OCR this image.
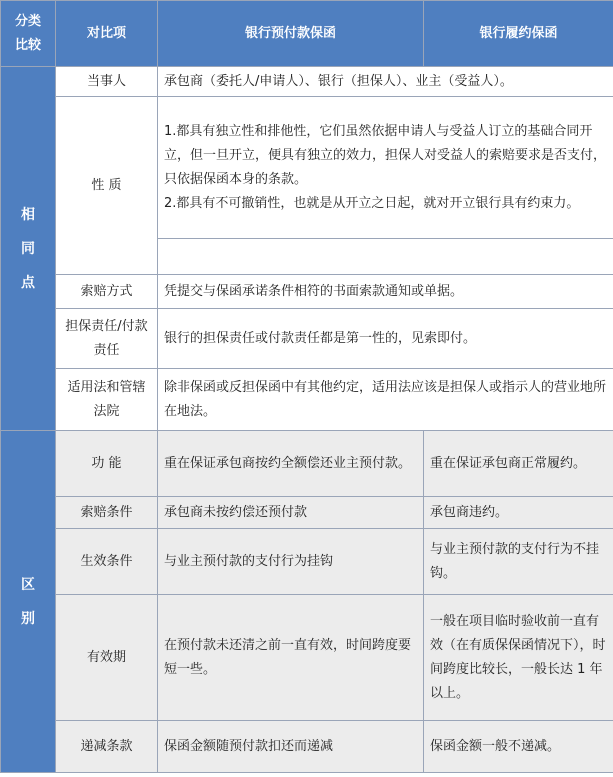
分类
比较	对比项	银行预付款保函	银行履约保函

相
同
点	当事人	承包商（委托人/申请人）、银行（担保人）、业主（受益人）。	
	性 质	1.都具有独立性和排他性，它们虽然依据申请人与受益人订立的基础合同开立，但一旦开立，便具有独立的效力，担保人对受益人的索赔要求是否支付，只依据保函本身的条款。
2.都具有不可撤销性，也就是从开立之日起，就对开立银行具有约束力。	

	索赔方式	凭提交与保函承诺条件相符的书面索款通知或单据。	
	担保责任/付款责任	银行的担保责任或付款责任都是第一性的，见索即付。	
	适用法和管辖法院	除非保函或反担保函中有其他约定，适用法应该是担保人或指示人的营业地所在地法。	

区
别	功 能	重在保证承包商按约全额偿还业主预付款。	重在保证承包商正常履约。
	索赔条件	承包商未按约偿还预付款	承包商违约。
	生效条件	与业主预付款的支付行为挂钩	与业主预付款的支付行为不挂钩。
	有效期	在预付款未还清之前一直有效，时间跨度要短一些。	一般在项目临时验收前一直有效（在有质保保函情况下），时间跨度比较长，一般长达 1 年以上。
	递减条款	保函金额随预付款扣还而递减	保函金额一般不递减。
